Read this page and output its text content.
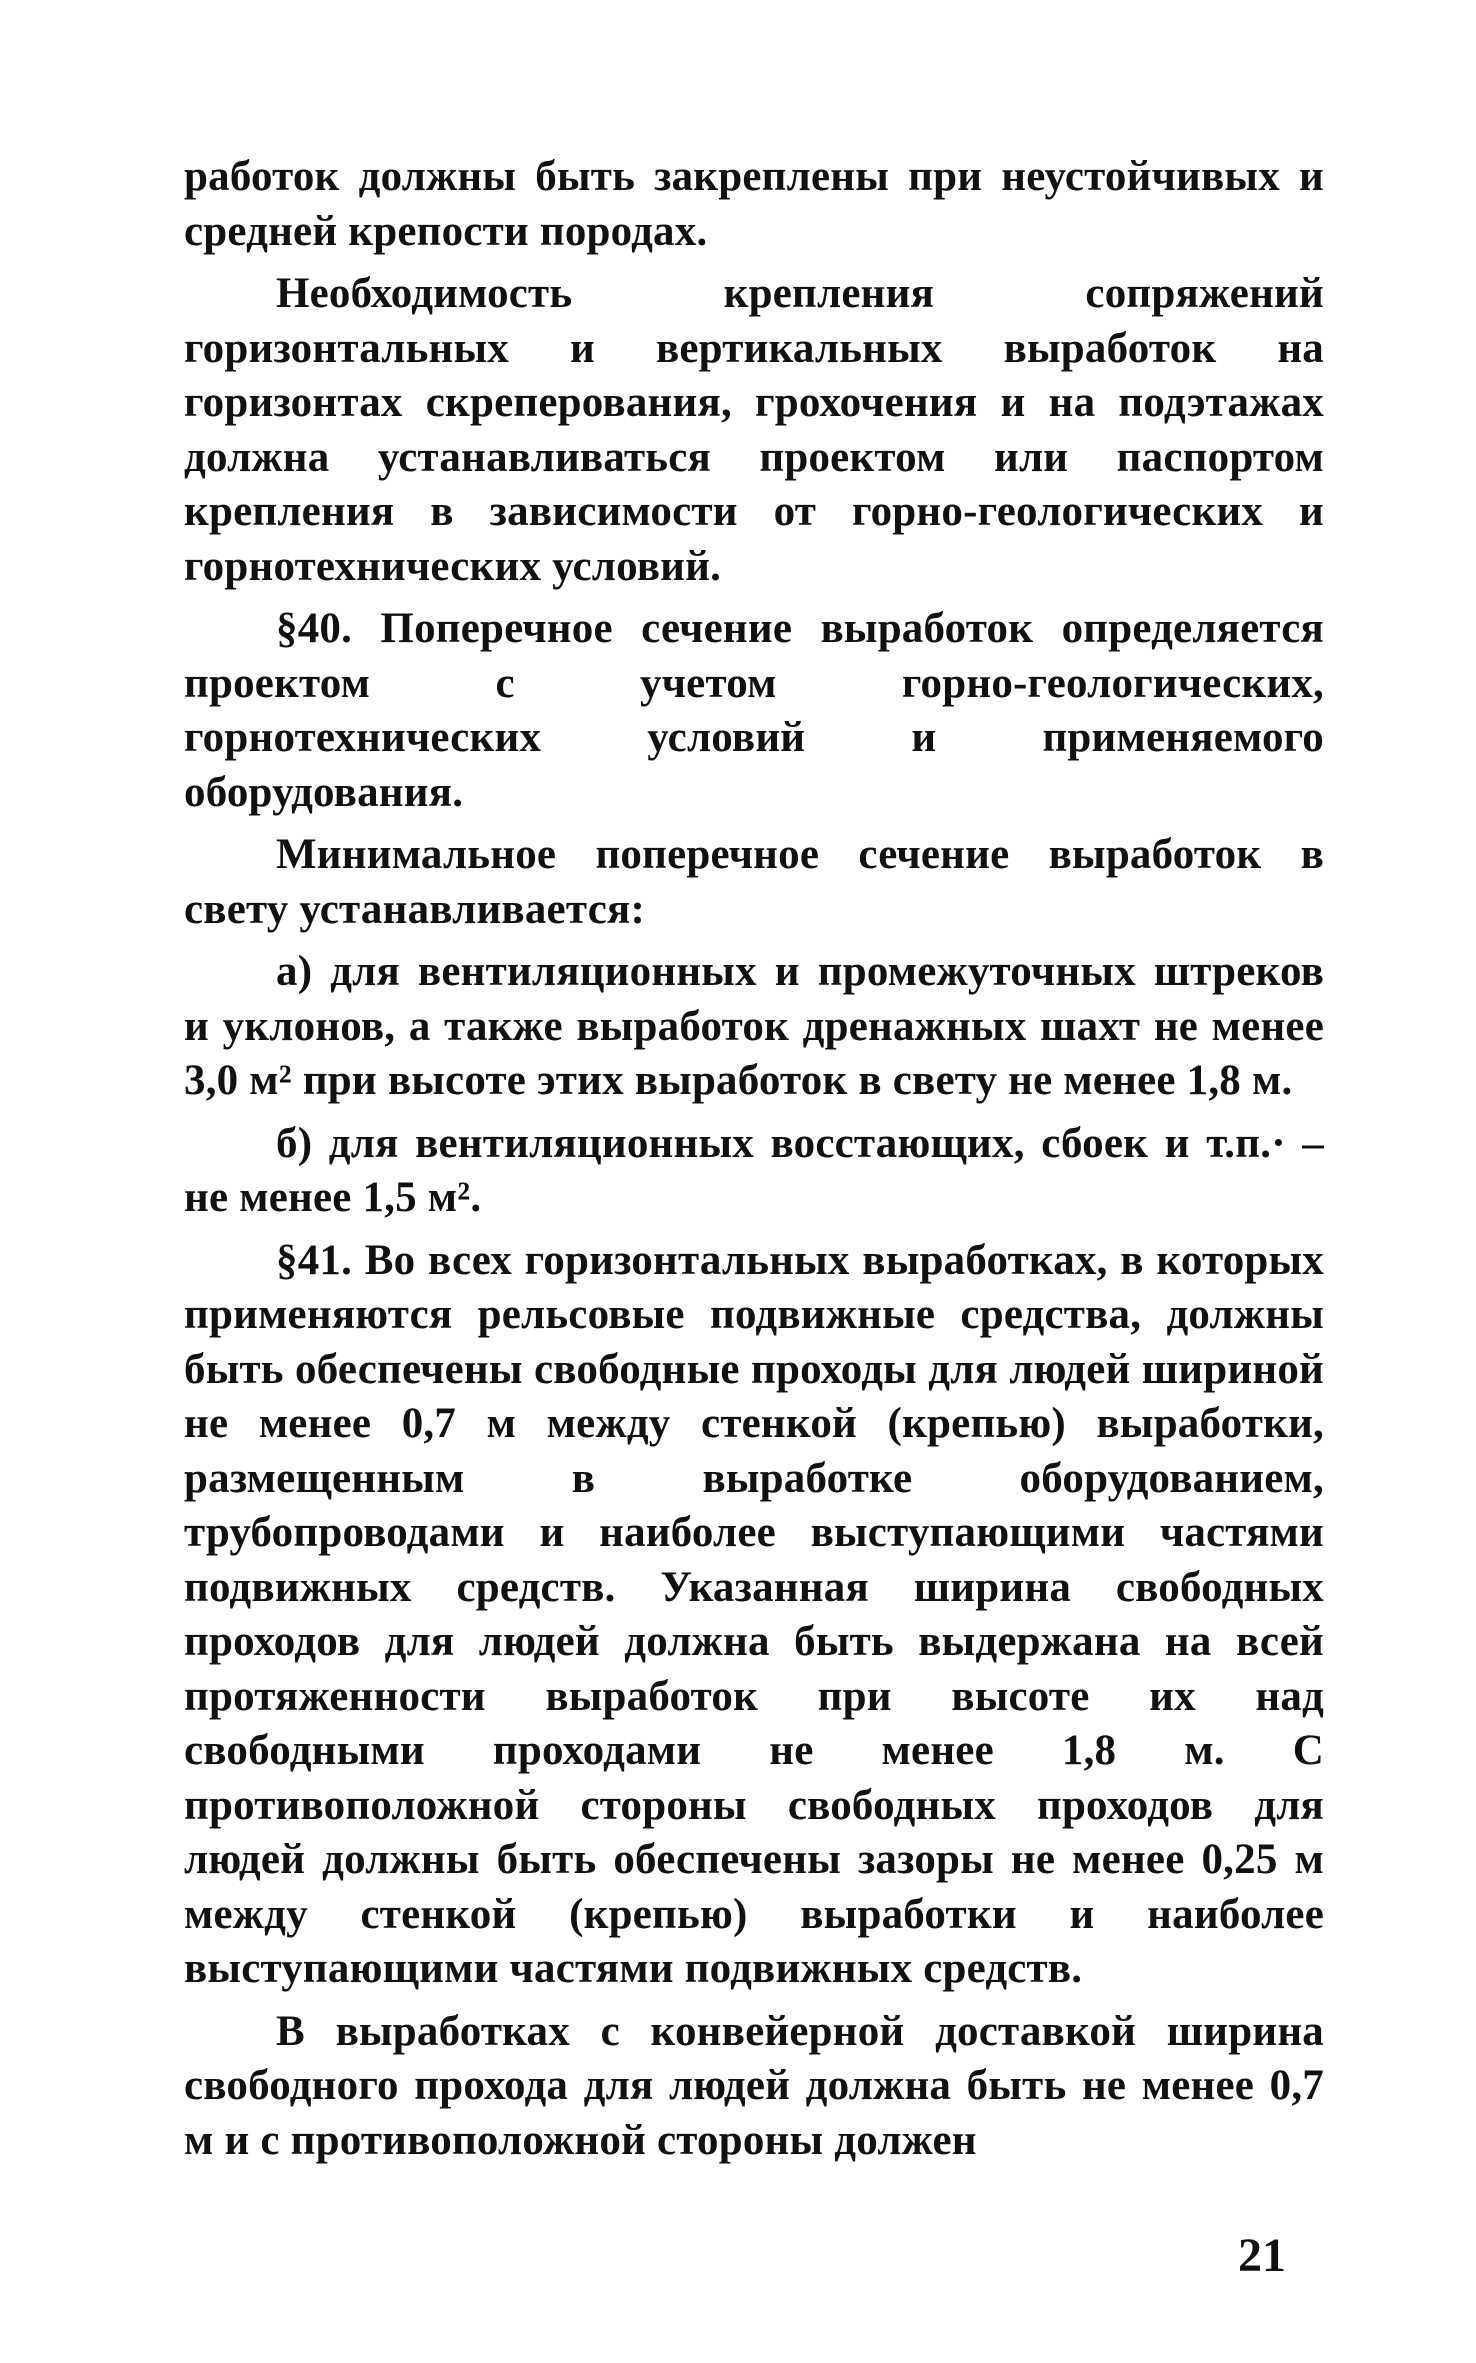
работок должны быть закреплены при неустойчивых и средней крепости породах.

Необходимость крепления сопряжений горизонтальных и вертикальных выработок на горизонтах скреперования, грохочения и на подэтажах должна устанавливаться проектом или паспортом крепления в зависимости от горно-геологических и горнотехнических условий.

§40. Поперечное сечение выработок определяется проектом с учетом горно-геологических, горнотехнических условий и применяемого оборудования.

Минимальное поперечное сечение выработок в свету устанавливается:

а) для вентиляционных и промежуточных штреков и уклонов, а также выработок дренажных шахт не менее 3,0 м² при высоте этих выработок в свету не менее 1,8 м.

б) для вентиляционных восстающих, сбоек и т.п.· – не менее 1,5 м².

§41. Во всех горизонтальных выработках, в которых применяются рельсовые подвижные средства, должны быть обеспечены свободные проходы для людей шириной не менее 0,7 м между стенкой (крепью) выработки, размещенным в выработке оборудованием, трубопроводами и наиболее выступающими частями подвижных средств. Указанная ширина свободных проходов для людей должна быть выдержана на всей протяженности выработок при высоте их над свободными проходами не менее 1,8 м. С противоположной стороны свободных проходов для людей должны быть обеспечены зазоры не менее 0,25 м между стенкой (крепью) выработки и наиболее выступающими частями подвижных средств.

В выработках с конвейерной доставкой ширина свободного прохода для людей должна быть не менее 0,7 м и с противоположной стороны должен

21
